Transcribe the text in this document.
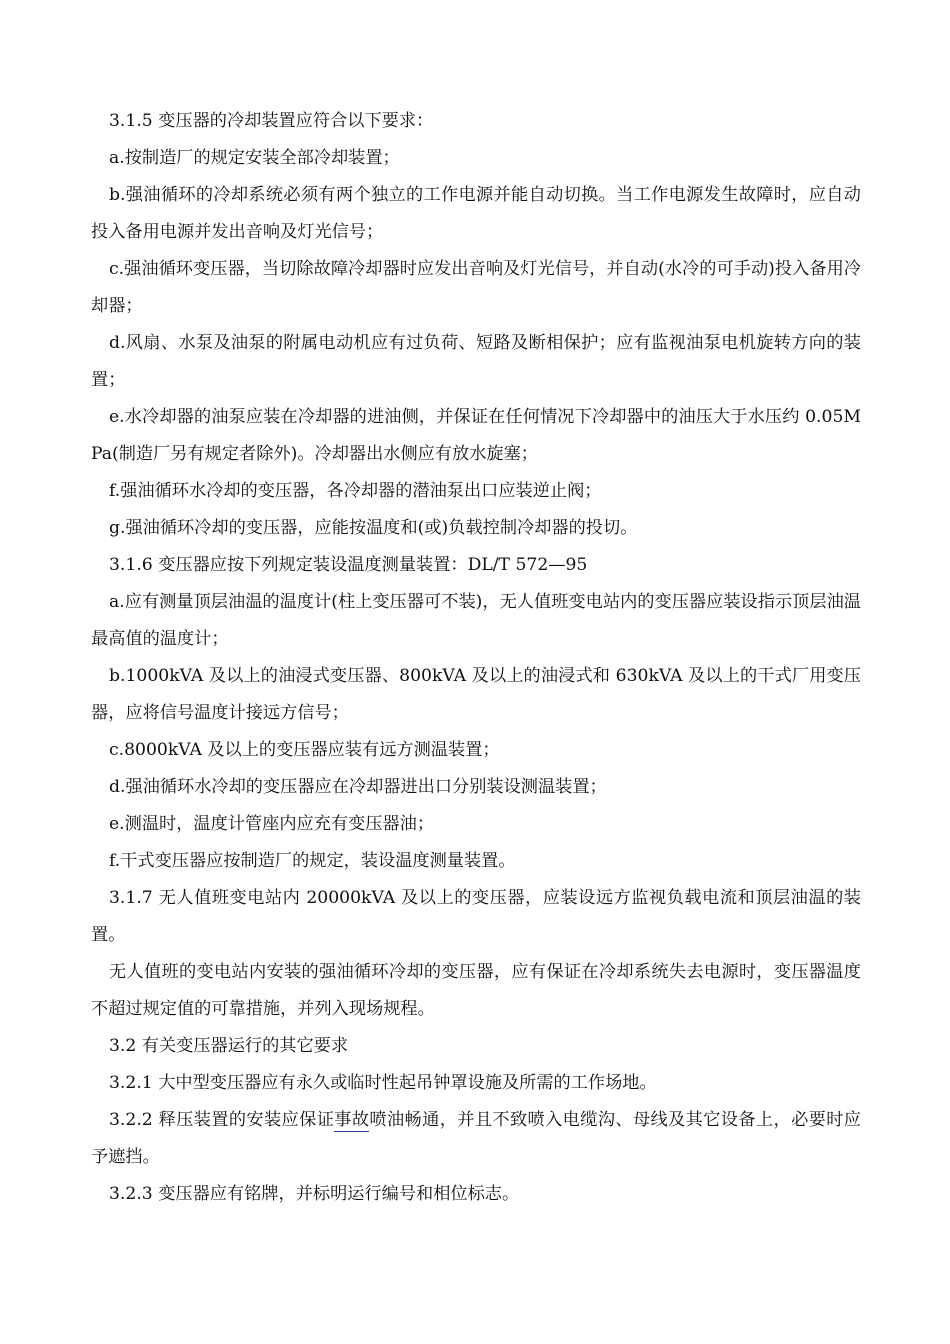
3.1.5 变压器的冷却装置应符合以下要求：

a.按制造厂的规定安装全部冷却装置；

b.强油循环的冷却系统必须有两个独立的工作电源并能自动切换。当工作电源发生故障时，应自动投入备用电源并发出音响及灯光信号；

c.强油循环变压器，当切除故障冷却器时应发出音响及灯光信号，并自动(水冷的可手动)投入备用冷却器；

d.风扇、水泵及油泵的附属电动机应有过负荷、短路及断相保护；应有监视油泵电机旋转方向的装置；

e.水冷却器的油泵应装在冷却器的进油侧，并保证在任何情况下冷却器中的油压大于水压约 0.05MPa(制造厂另有规定者除外)。冷却器出水侧应有放水旋塞；

f.强油循环水冷却的变压器，各冷却器的潜油泵出口应装逆止阀；

g.强油循环冷却的变压器，应能按温度和(或)负载控制冷却器的投切。

3.1.6 变压器应按下列规定装设温度测量装置：DL/T 572—95

a.应有测量顶层油温的温度计(柱上变压器可不装)，无人值班变电站内的变压器应装设指示顶层油温最高值的温度计；

b.1000kVA 及以上的油浸式变压器、800kVA 及以上的油浸式和 630kVA 及以上的干式厂用变压器，应将信号温度计接远方信号；

c.8000kVA 及以上的变压器应装有远方测温装置；

d.强油循环水冷却的变压器应在冷却器进出口分别装设测温装置；

e.测温时，温度计管座内应充有变压器油；

f.干式变压器应按制造厂的规定，装设温度测量装置。

3.1.7 无人值班变电站内 20000kVA 及以上的变压器，应装设远方监视负载电流和顶层油温的装置。

无人值班的变电站内安装的强油循环冷却的变压器，应有保证在冷却系统失去电源时，变压器温度不超过规定值的可靠措施，并列入现场规程。

3.2 有关变压器运行的其它要求

3.2.1 大中型变压器应有永久或临时性起吊钟罩设施及所需的工作场地。

3.2.2 释压装置的安装应保证事故喷油畅通，并且不致喷入电缆沟、母线及其它设备上，必要时应予遮挡。

3.2.3 变压器应有铭牌，并标明运行编号和相位标志。
